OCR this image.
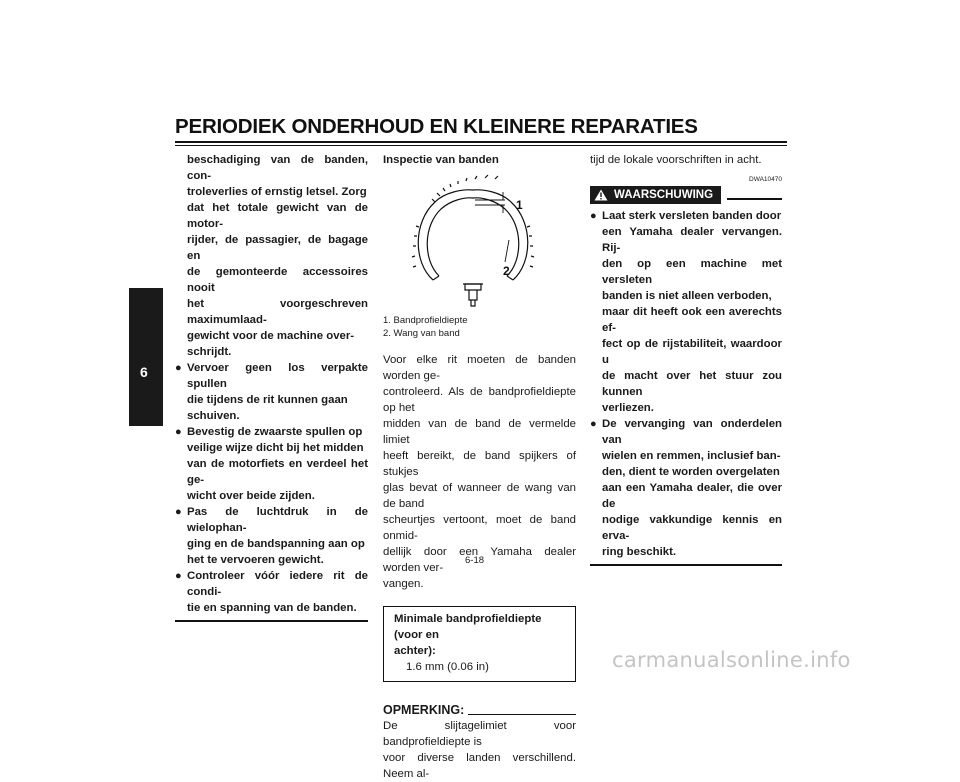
PERIODIEK ONDERHOUD EN KLEINERE REPARATIES
6
beschadiging van de banden, con-
troleverlies of ernstig letsel. Zorg
dat het totale gewicht van de motor-
rijder, de passagier, de bagage en
de gemonteerde accessoires nooit
het voorgeschreven maximumlaad-
gewicht voor de machine over-
schrijdt.
● Vervoer geen los verpakte spullen
die tijdens de rit kunnen gaan
schuiven.
● Bevestig de zwaarste spullen op
veilige wijze dicht bij het midden
van de motorfiets en verdeel het ge-
wicht over beide zijden.
● Pas de luchtdruk in de wielophan-
ging en de bandspanning aan op
het te vervoeren gewicht.
● Controleer vóór iedere rit de condi-
tie en spanning van de banden.
Inspectie van banden
1
2
1. Bandprofieldiepte
2. Wang van band
Voor elke rit moeten de banden worden ge-
controleerd. Als de bandprofieldiepte op het
midden van de band de vermelde limiet
heeft bereikt, de band spijkers of stukjes
glas bevat of wanneer de wang van de band
scheurtjes vertoont, moet de band onmid-
dellijk door een Yamaha dealer worden ver-
vangen.
Minimale bandprofieldiepte (voor en
achter):
1.6 mm (0.06 in)
OPMERKING:
De slijtagelimiet voor bandprofieldiepte is
voor diverse landen verschillend. Neem al-
tijd de lokale voorschriften in acht.
DWA10470
WAARSCHUWING
● Laat sterk versleten banden door
een Yamaha dealer vervangen. Rij-
den op een machine met versleten
banden is niet alleen verboden,
maar dit heeft ook een averechts ef-
fect op de rijstabiliteit, waardoor u
de macht over het stuur zou kunnen
verliezen.
● De vervanging van onderdelen van
wielen en remmen, inclusief ban-
den, dient te worden overgelaten
aan een Yamaha dealer, die over de
nodige vakkundige kennis en erva-
ring beschikt.
6-18
carmanualsonline.info
